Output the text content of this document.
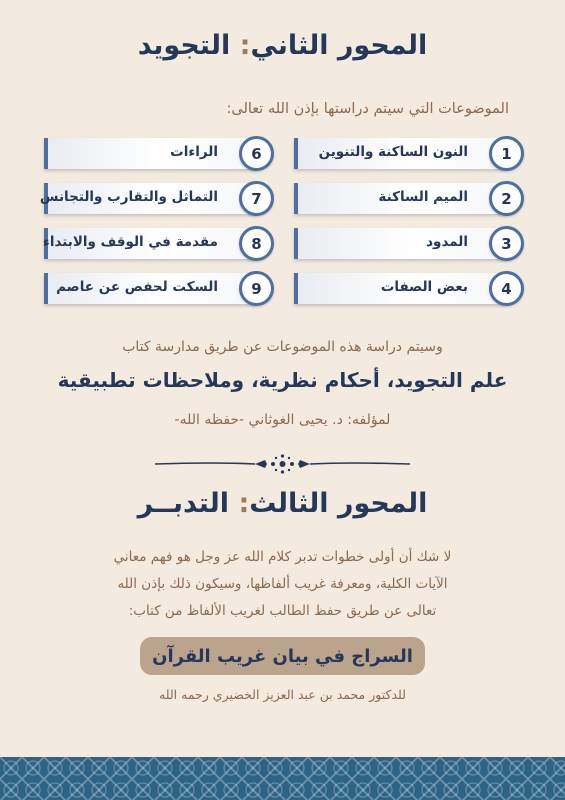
المحور الثاني: التجويد
الموضوعات التي سيتم دراستها بإذن الله تعالى:
1
النون الساكنة والتنوين
6
الراءات
2
الميم الساكنة
7
التماثل والتقارب والتجانس
3
المدود
8
مقدمة في الوقف والابتداء
4
بعض الصفات
9
السكت لحفص عن عاصم
وسيتم دراسة هذه الموضوعات عن طريق مدارسة كتاب
علم التجويد، أحكام نظرية، وملاحظات تطبيقية
لمؤلفه: د. يحيى الغوثاني -حفظه الله-
المحور الثالث: التدبــر
لا شك أن أولى خطوات تدبر كلام الله عز وجل هو فهم معاني
الآيات الكلية، ومعرفة غريب ألفاظها، وسيكون ذلك بإذن الله
تعالى عن طريق حفظ الطالب لغريب الألفاظ من كتاب:
السراج في بيان غريب القرآن
للدكتور محمد بن عبد العزيز الخضيري رحمه الله
